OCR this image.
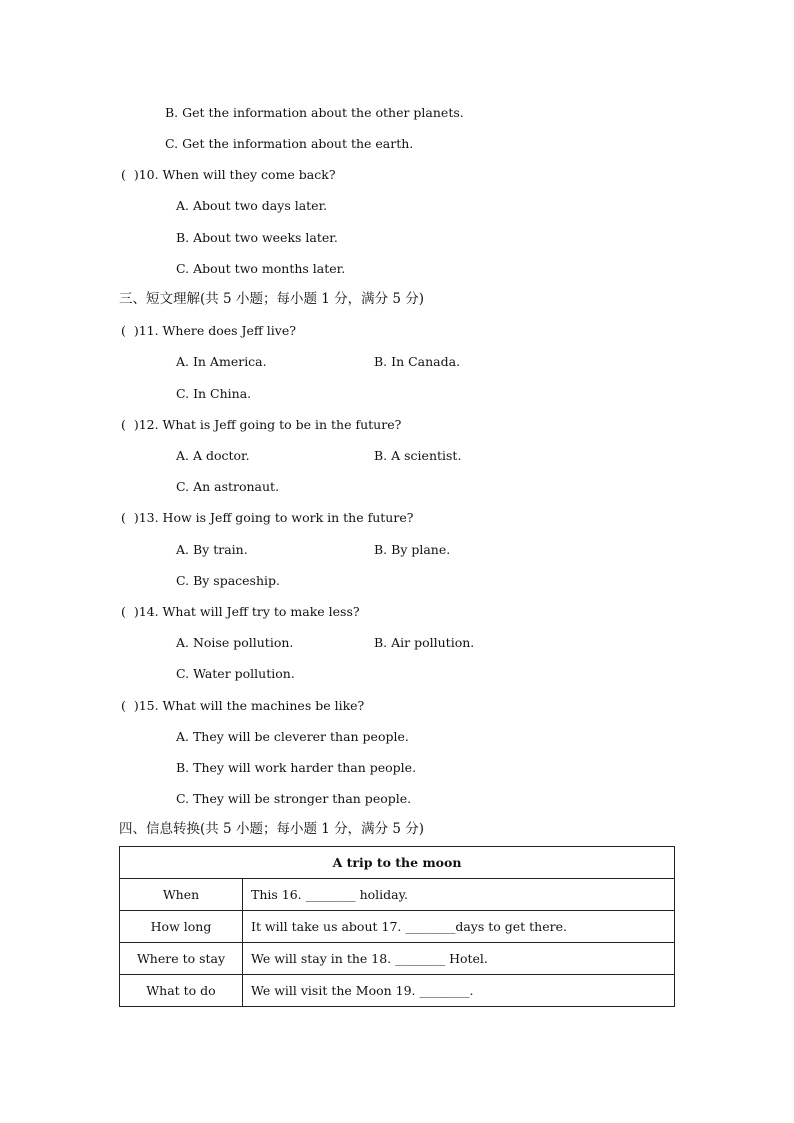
B. Get the information about the other planets.
C. Get the information about the earth.
(  )10. When will they come back?
A. About two days later.
B. About two weeks later.
C. About two months later.
三、短文理解(共 5 小题；每小题 1 分，满分 5 分)
(  )11. Where does Jeff live?
A. In America.	B. In Canada.
C. In China.
(  )12. What is Jeff going to be in the future?
A. A doctor.	B. A scientist.
C. An astronaut.
(  )13. How is Jeff going to work in the future?
A. By train.	B. By plane.
C. By spaceship.
(  )14. What will Jeff try to make less?
A. Noise pollution.	B. Air pollution.
C. Water pollution.
(  )15. What will the machines be like?
A. They will be cleverer than people.
B. They will work harder than people.
C. They will be stronger than people.
四、信息转换(共 5 小题；每小题 1 分，满分 5 分)
A trip to the moon	
When	This 16. ________ holiday.
How long	It will take us about 17. ________days to get there.
Where to stay	We will stay in the 18. ________ Hotel.
What to do	We will visit the Moon 19. ________.
